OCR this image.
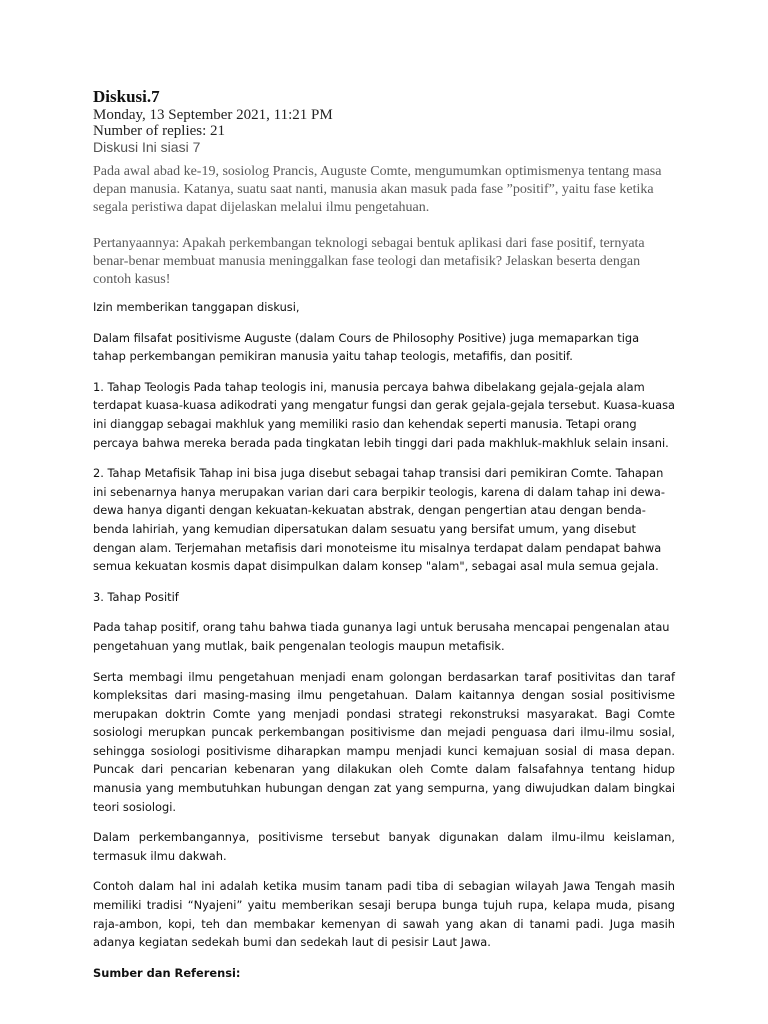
Diskusi.7

Monday, 13 September 2021, 11:21 PM

Number of replies: 21

Diskusi Ini siasi 7

Pada awal abad ke-19, sosiolog Prancis, Auguste Comte, mengumumkan optimismenya tentang masa depan manusia. Katanya, suatu saat nanti, manusia akan masuk pada fase ”positif”, yaitu fase ketika segala peristiwa dapat dijelaskan melalui ilmu pengetahuan.

Pertanyaannya: Apakah perkembangan teknologi sebagai bentuk aplikasi dari fase positif, ternyata benar-benar membuat manusia meninggalkan fase teologi dan metafisik? Jelaskan beserta dengan contoh kasus!

Izin memberikan tanggapan diskusi,

Dalam filsafat positivisme Auguste (dalam Cours de Philosophy Positive) juga memaparkan tiga tahap perkembangan pemikiran manusia yaitu tahap teologis, metafifis, dan positif.

1. Tahap Teologis Pada tahap teologis ini, manusia percaya bahwa dibelakang gejala-gejala alam terdapat kuasa-kuasa adikodrati yang mengatur fungsi dan gerak gejala-gejala tersebut. Kuasa-kuasa ini dianggap sebagai makhluk yang memiliki rasio dan kehendak seperti manusia. Tetapi orang percaya bahwa mereka berada pada tingkatan lebih tinggi dari pada makhluk-makhluk selain insani.

2. Tahap Metafisik Tahap ini bisa juga disebut sebagai tahap transisi dari pemikiran Comte. Tahapan ini sebenarnya hanya merupakan varian dari cara berpikir teologis, karena di dalam tahap ini dewa-dewa hanya diganti dengan kekuatan-kekuatan abstrak, dengan pengertian atau dengan benda-benda lahiriah, yang kemudian dipersatukan dalam sesuatu yang bersifat umum, yang disebut dengan alam. Terjemahan metafisis dari monoteisme itu misalnya terdapat dalam pendapat bahwa semua kekuatan kosmis dapat disimpulkan dalam konsep "alam", sebagai asal mula semua gejala.

3. Tahap Positif

Pada tahap positif, orang tahu bahwa tiada gunanya lagi untuk berusaha mencapai pengenalan atau pengetahuan yang mutlak, baik pengenalan teologis maupun metafisik.

Serta membagi ilmu pengetahuan menjadi enam golongan berdasarkan taraf positivitas dan taraf kompleksitas dari masing-masing ilmu pengetahuan. Dalam kaitannya dengan sosial positivisme merupakan doktrin Comte yang menjadi pondasi strategi rekonstruksi masyarakat. Bagi Comte sosiologi merupkan puncak perkembangan positivisme dan mejadi penguasa dari ilmu-ilmu sosial, sehingga sosiologi positivisme diharapkan mampu menjadi kunci kemajuan sosial di masa depan. Puncak dari pencarian kebenaran yang dilakukan oleh Comte dalam falsafahnya tentang hidup manusia yang membutuhkan hubungan dengan zat yang sempurna, yang diwujudkan dalam bingkai teori sosiologi.

Dalam perkembangannya, positivisme tersebut banyak digunakan dalam ilmu-ilmu keislaman, termasuk ilmu dakwah.

Contoh dalam hal ini adalah ketika musim tanam padi tiba di sebagian wilayah Jawa Tengah masih memiliki tradisi “Nyajeni” yaitu memberikan sesaji berupa bunga tujuh rupa, kelapa muda, pisang raja-ambon, kopi, teh dan membakar kemenyan di sawah yang akan di tanami padi. Juga masih adanya kegiatan sedekah bumi dan sedekah laut di pesisir Laut Jawa.

Sumber dan Referensi:
